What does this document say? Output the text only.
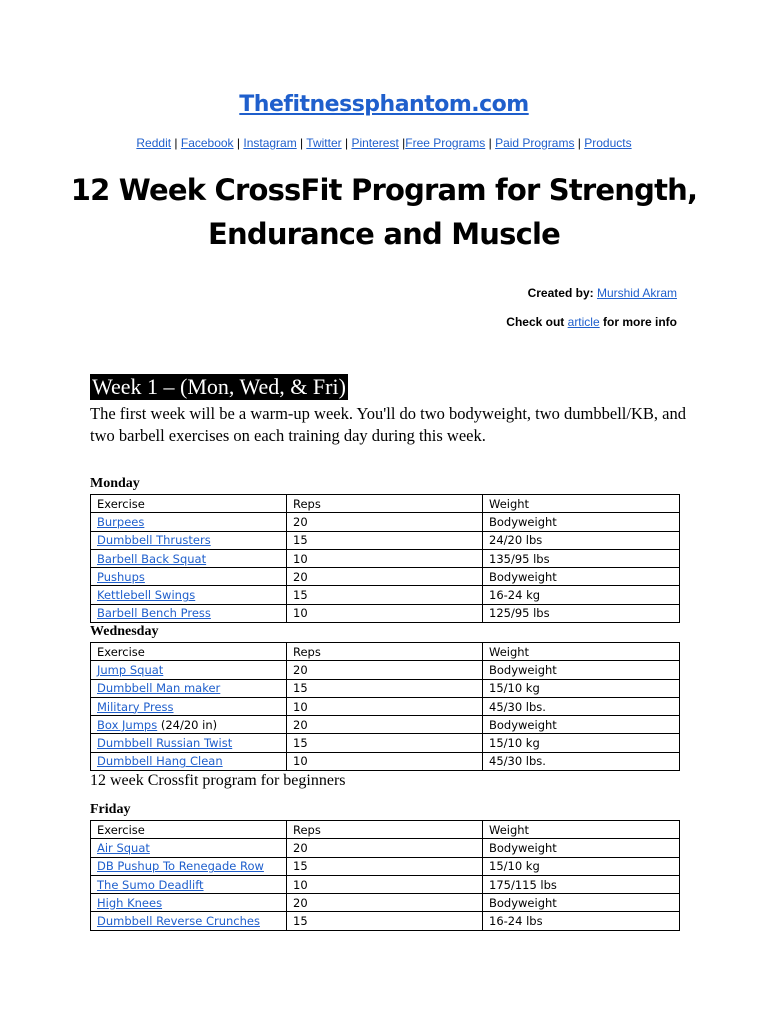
Thefitnessphantom.com
Reddit | Facebook | Instagram | Twitter | Pinterest |Free Programs | Paid Programs | Products
12 Week CrossFit Program for Strength,
Endurance and Muscle
Created by: Murshid Akram
Check out article for more info
Week 1 – (Mon, Wed, & Fri)
The first week will be a warm-up week. You'll do two bodyweight, two dumbbell/KB, and two barbell exercises on each training day during this week.
Monday
Exercise	Reps	Weight
Burpees	20	Bodyweight
Dumbbell Thrusters	15	24/20 lbs
Barbell Back Squat	10	135/95 lbs
Pushups	20	Bodyweight
Kettlebell Swings	15	16-24 kg
Barbell Bench Press	10	125/95 lbs
Wednesday
Exercise	Reps	Weight
Jump Squat	20	Bodyweight
Dumbbell Man maker	15	15/10 kg
Military Press	10	45/30 lbs.
Box Jumps (24/20 in)	20	Bodyweight
Dumbbell Russian Twist	15	15/10 kg
Dumbbell Hang Clean	10	45/30 lbs.
12 week Crossfit program for beginners
Friday
Exercise	Reps	Weight
Air Squat	20	Bodyweight
DB Pushup To Renegade Row	15	15/10 kg
The Sumo Deadlift	10	175/115 lbs
High Knees	20	Bodyweight
Dumbbell Reverse Crunches	15	16-24 lbs
